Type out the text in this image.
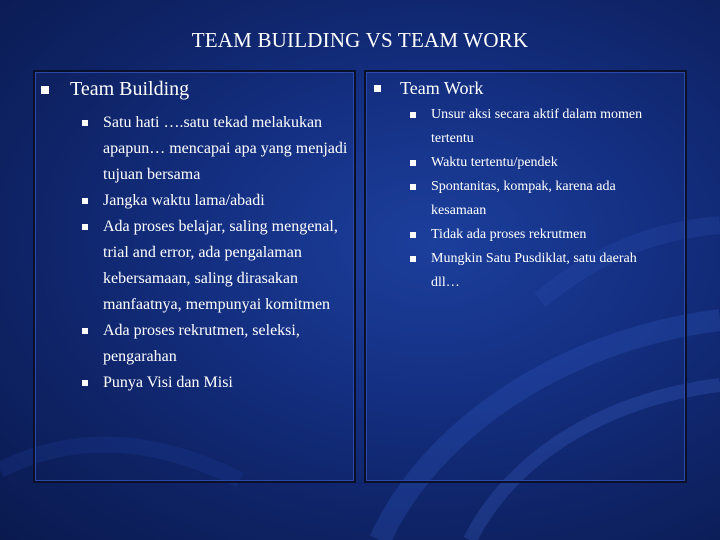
TEAM BUILDING VS TEAM WORK
Team Building
Satu hati ….satu tekad melakukan apapun… mencapai apa yang menjadi tujuan bersama
Jangka waktu lama/abadi
Ada proses belajar, saling mengenal, trial and error, ada pengalaman kebersamaan, saling dirasakan manfaatnya, mempunyai komitmen
Ada proses rekrutmen, seleksi, pengarahan
Punya Visi dan Misi
Team Work
Unsur aksi secara aktif dalam momen tertentu
Waktu tertentu/pendek
Spontanitas, kompak, karena ada kesamaan
Tidak ada proses rekrutmen
Mungkin Satu Pusdiklat, satu daerah dll…
